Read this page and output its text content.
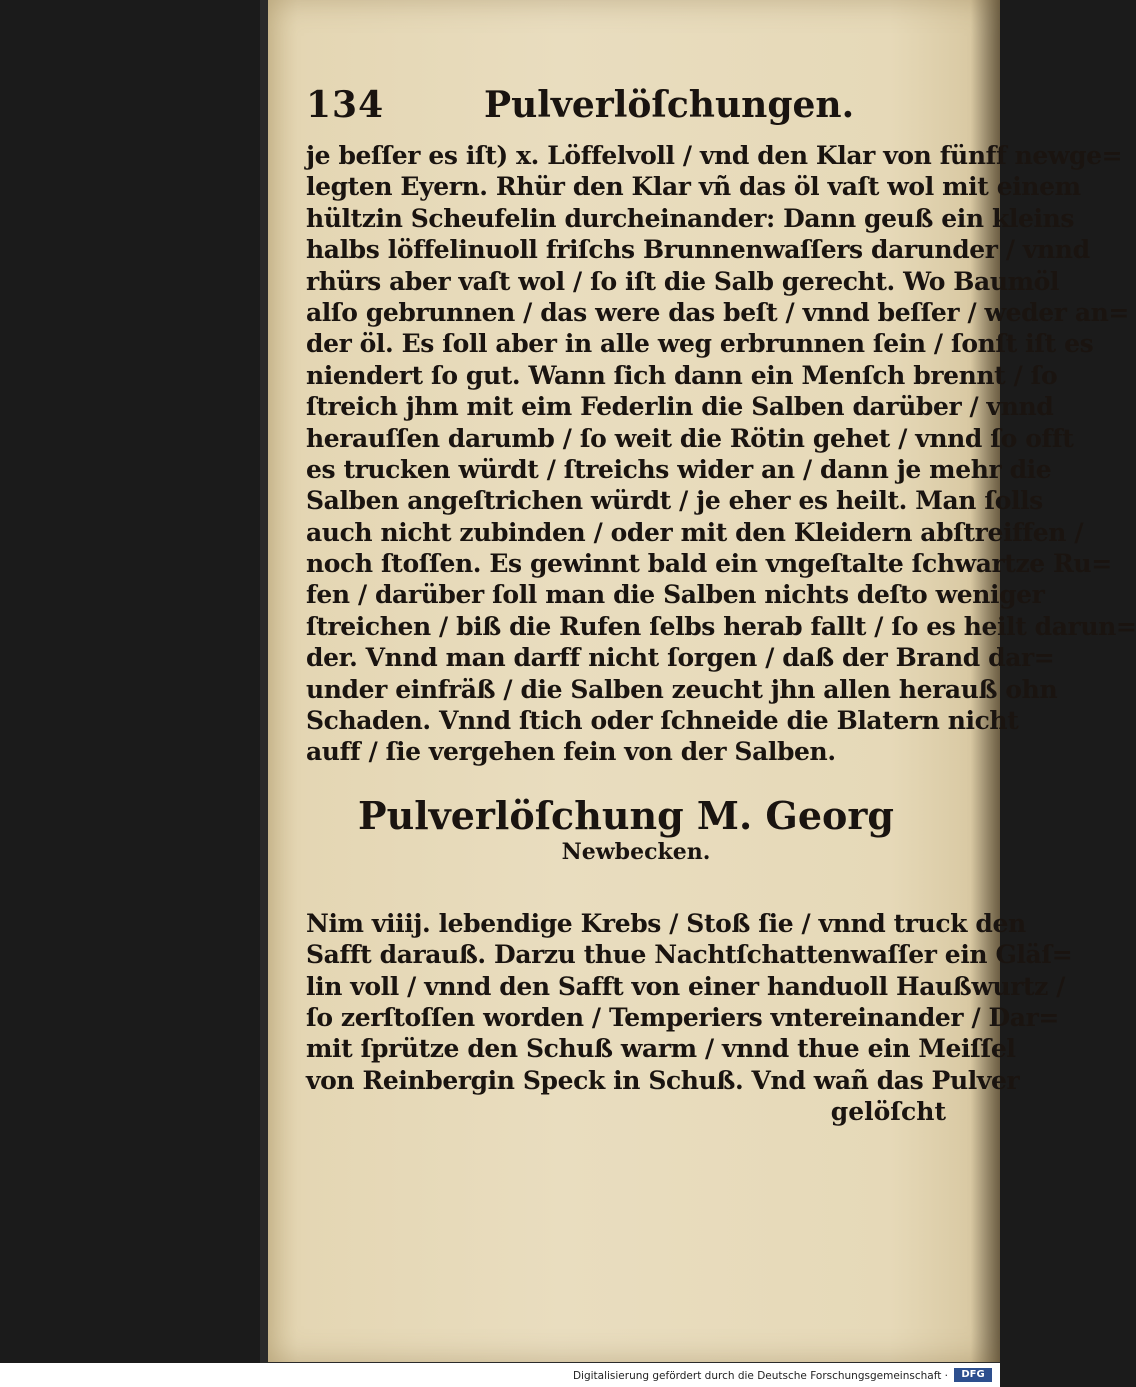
134	Pulverlöſchungen.
je beſſer es iſt) x. Löffelvoll / vnd den Klar von fünff newge=
legten Eyern. Rhür den Klar vñ das öl vaſt wol mit einem
hültzin Scheufelin durcheinander: Dann geuß ein kleins
halbs löffelinuoll friſchs Brunnenwaſſers darunder / vnnd
rhürs aber vaſt wol / ſo iſt die Salb gerecht. Wo Baumöl
alſo gebrunnen / das were das beſt / vnnd beſſer / weder an=
der öl. Es ſoll aber in alle weg erbrunnen ſein / ſonſt iſt es
niendert ſo gut. Wann ſich dann ein Menſch brennt / ſo
ſtreich jhm mit eim Federlin die Salben darüber / vnnd
herauſſen darumb / ſo weit die Rötin gehet / vnnd ſo offt
es trucken würdt / ſtreichs wider an / dann je mehr die
Salben angeſtrichen würdt / je eher es heilt. Man ſolls
auch nicht zubinden / oder mit den Kleidern abſtreiffen /
noch ſtoſſen. Es gewinnt bald ein vngeſtalte ſchwartze Ru=
fen / darüber ſoll man die Salben nichts deſto weniger
ſtreichen / biß die Rufen ſelbs herab fallt / ſo es heilt darun=
der. Vnnd man darff nicht ſorgen / daß der Brand dar=
under einfräß / die Salben zeucht jhn allen herauß ohn
Schaden. Vnnd ſtich oder ſchneide die Blatern nicht
auff / ſie vergehen fein von der Salben.
Pulverlöſchung M. Georg
Newbecken.
Nim viiij. lebendige Krebs / Stoß ſie / vnnd truck den
Safft darauß. Darzu thue Nachtſchattenwaſſer ein Gläſ=
lin voll / vnnd den Safft von einer handuoll Haußwurtz /
ſo zerſtoſſen worden / Temperiers vntereinander / Dar=
mit ſprütze den Schuß warm / vnnd thue ein Meiſſel
von Reinbergin Speck in Schuß. Vnd wañ das Pulver
gelöſcht
Digitalisierung gefördert durch die Deutsche Forschungsgemeinschaft ·	DFG
